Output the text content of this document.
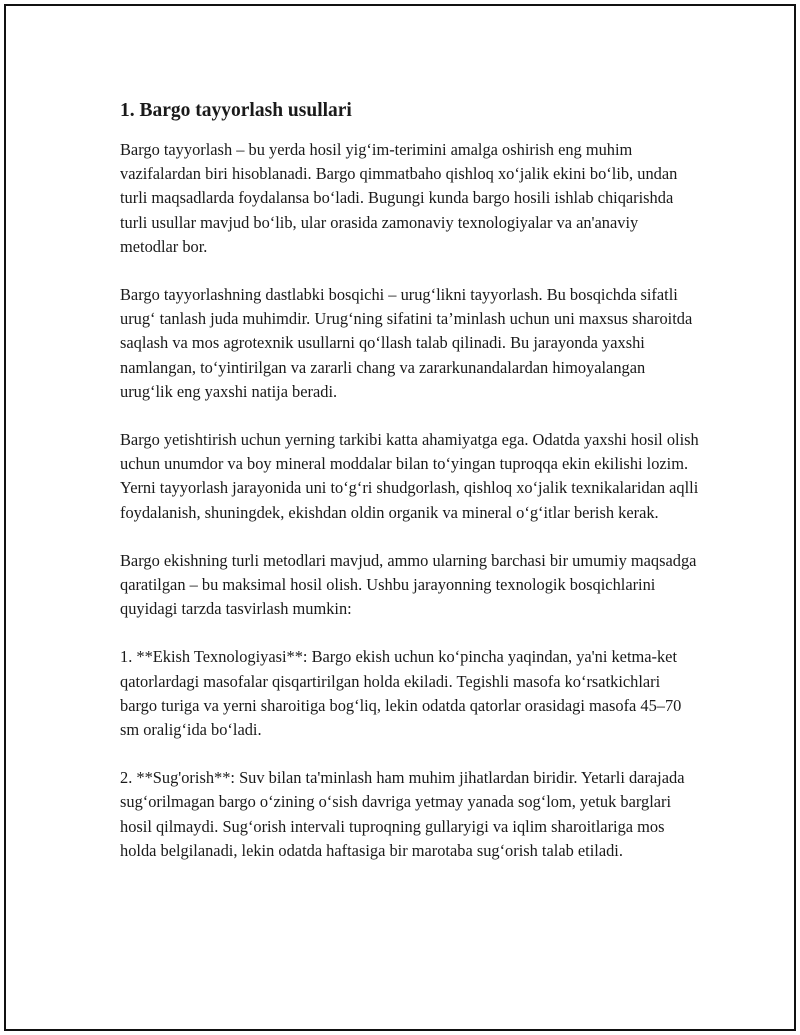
1. Bargo tayyorlash usullari

Bargo tayyorlash – bu yerda hosil yig‘im-terimini amalga oshirish eng muhim vazifalardan biri hisoblanadi. Bargo qimmatbaho qishloq xo‘jalik ekini bo‘lib, undan turli maqsadlarda foydalansa bo‘ladi. Bugungi kunda bargo hosili ishlab chiqarishda turli usullar mavjud bo‘lib, ular orasida zamonaviy texnologiyalar va an'anaviy metodlar bor.

Bargo tayyorlashning dastlabki bosqichi – urug‘likni tayyorlash. Bu bosqichda sifatli urug‘ tanlash juda muhimdir. Urug‘ning sifatini ta’minlash uchun uni maxsus sharoitda saqlash va mos agrotexnik usullarni qo‘llash talab qilinadi. Bu jarayonda yaxshi namlangan, to‘yintirilgan va zararli chang va zararkunandalardan himoyalangan urug‘lik eng yaxshi natija beradi.

Bargo yetishtirish uchun yerning tarkibi katta ahamiyatga ega. Odatda yaxshi hosil olish uchun unumdor va boy mineral moddalar bilan to‘yingan tuproqqa ekin ekilishi lozim. Yerni tayyorlash jarayonida uni to‘g‘ri shudgorlash, qishloq xo‘jalik texnikalaridan aqlli foydalanish, shuningdek, ekishdan oldin organik va mineral o‘g‘itlar berish kerak.

Bargo ekishning turli metodlari mavjud, ammo ularning barchasi bir umumiy maqsadga qaratilgan – bu maksimal hosil olish. Ushbu jarayonning texnologik bosqichlarini quyidagi tarzda tasvirlash mumkin:

1. **Ekish Texnologiyasi**: Bargo ekish uchun ko‘pincha yaqindan, ya'ni ketma-ket qatorlardagi masofalar qisqartirilgan holda ekiladi. Tegishli masofa ko‘rsatkichlari bargo turiga va yerni sharoitiga bog‘liq, lekin odatda qatorlar orasidagi masofa 45–70 sm oralig‘ida bo‘ladi.

2. **Sug'orish**: Suv bilan ta'minlash ham muhim jihatlardan biridir. Yetarli darajada sug‘orilmagan bargo o‘zining o‘sish davriga yetmay yanada sog‘lom, yetuk barglari hosil qilmaydi. Sug‘orish intervali tuproqning gullaryigi va iqlim sharoitlariga mos holda belgilanadi, lekin odatda haftasiga bir marotaba sug‘orish talab etiladi.
